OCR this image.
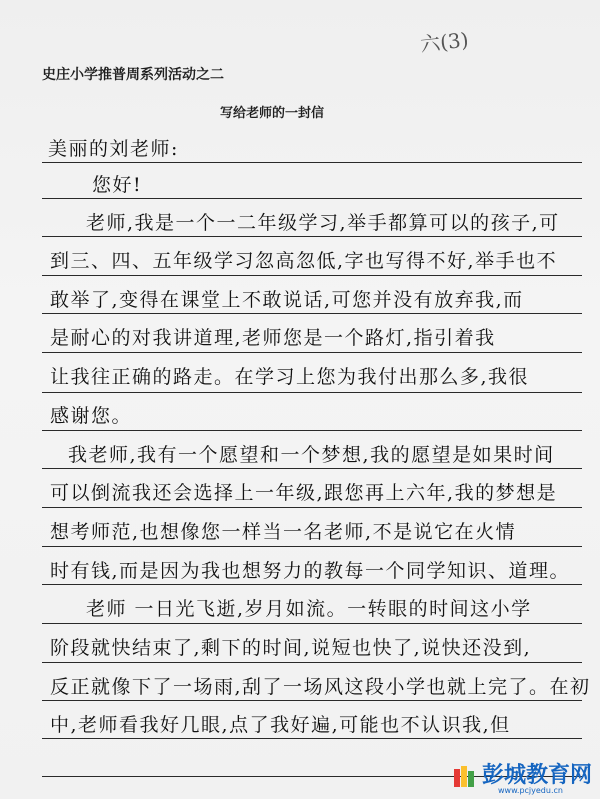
六(3)
史庄小学推普周系列活动之二
写给老师的一封信
美丽的刘老师:
您好!
老师,我是一个一二年级学习,举手都算可以的孩子,可
到三、四、五年级学习忽高忽低,字也写得不好,举手也不
敢举了,变得在课堂上不敢说话,可您并没有放弃我,而
是耐心的对我讲道理,老师您是一个路灯,指引着我
让我往正确的路走。在学习上您为我付出那么多,我很
感谢您。
我老师,我有一个愿望和一个梦想,我的愿望是如果时间
可以倒流我还会选择上一年级,跟您再上六年,我的梦想是
想考师范,也想像您一样当一名老师,不是说它在火情
时有钱,而是因为我也想努力的教每一个同学知识、道理。
老师 一日光飞逝,岁月如流。一转眼的时间这小学
阶段就快结束了,剩下的时间,说短也快了,说快还没到,
反正就像下了一场雨,刮了一场风这段小学也就上完了。在初
中,老师看我好几眼,点了我好遍,可能也不认识我,但
彭城教育网
www.pcjyedu.cn
